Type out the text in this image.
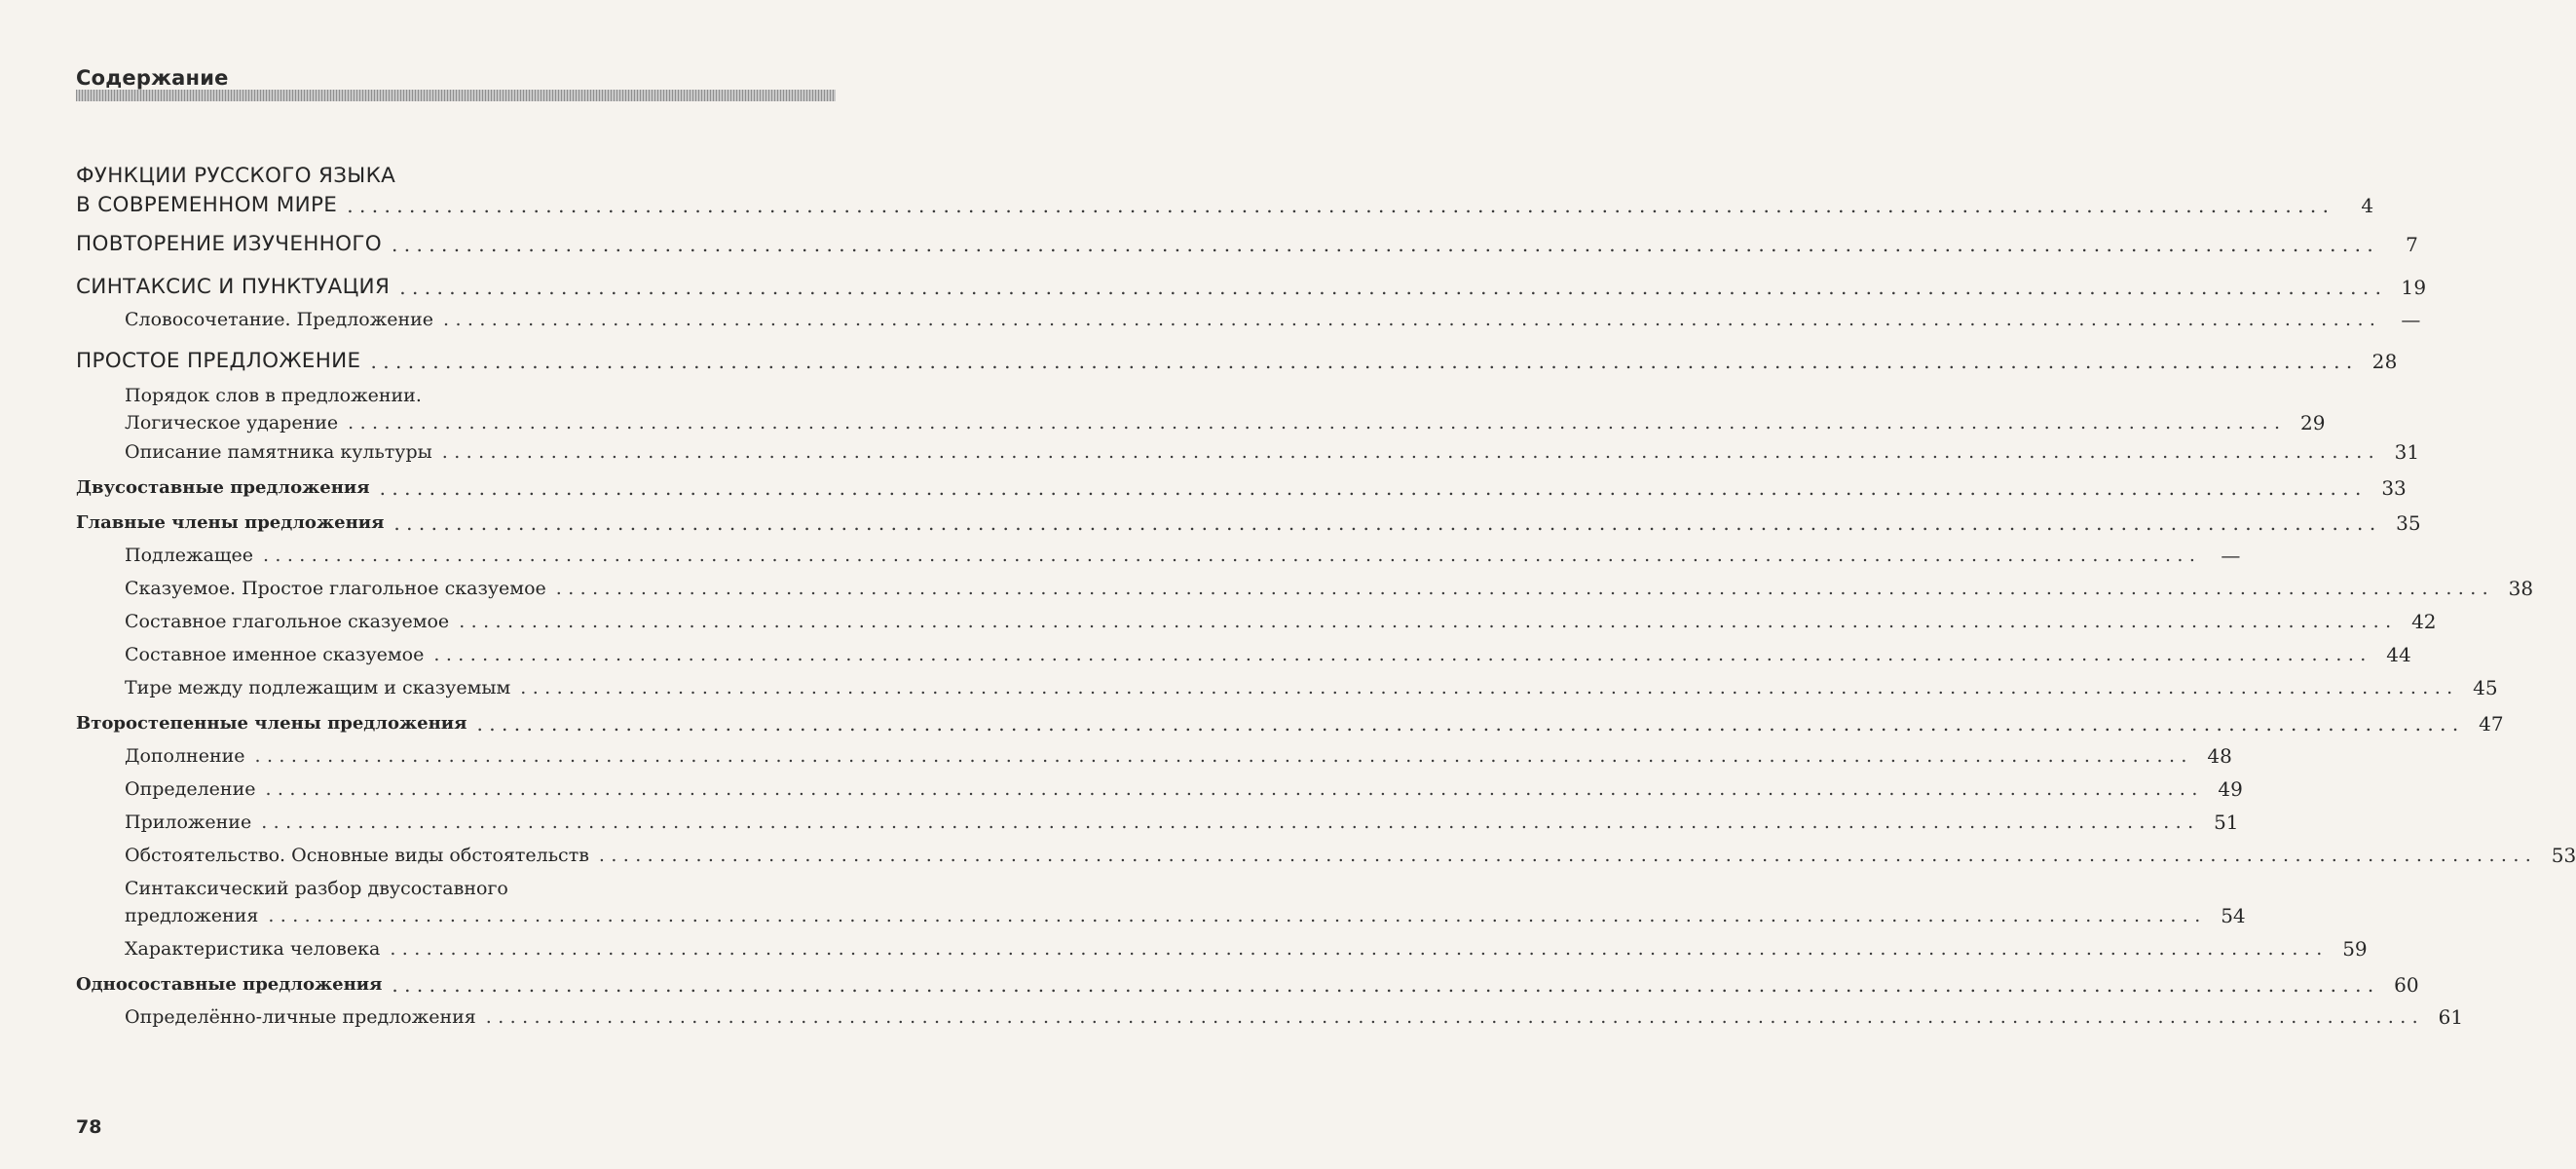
Содержание
ФУНКЦИИ РУССКОГО ЯЗЫКА
В СОВРЕМЕННОМ МИРЕ ................................................................................................................................................................	4
ПОВТОРЕНИЕ ИЗУЧЕННОГО ................................................................................................................................................................	7
СИНТАКСИС И ПУНКТУАЦИЯ ................................................................................................................................................................ 19
Словосочетание. Предложение ................................................................................................................................................................	—
ПРОСТОЕ ПРЕДЛОЖЕНИЕ ................................................................................................................................................................ 28
Порядок слов в предложении.
Логическое ударение ................................................................................................................................................................ 29
Описание памятника культуры ................................................................................................................................................................ 31
Двусоставные предложения ................................................................................................................................................................ 33
Главные члены предложения ................................................................................................................................................................ 35
Подлежащее ................................................................................................................................................................	—
Сказуемое. Простое глагольное сказуемое ................................................................................................................................................................ 38
Составное глагольное сказуемое ................................................................................................................................................................ 42
Составное именное сказуемое ................................................................................................................................................................ 44
Тире между подлежащим и сказуемым ................................................................................................................................................................ 45
Второстепенные члены предложения ................................................................................................................................................................ 47
Дополнение ................................................................................................................................................................ 48
Определение ................................................................................................................................................................ 49
Приложение ................................................................................................................................................................ 51
Обстоятельство. Основные виды обстоятельств ................................................................................................................................................................ 53
Синтаксический разбор двусоставного
предложения ................................................................................................................................................................ 54
Характеристика человека ................................................................................................................................................................ 59
Односоставные предложения ................................................................................................................................................................ 60
Определённо-личные предложения ................................................................................................................................................................ 61
78
